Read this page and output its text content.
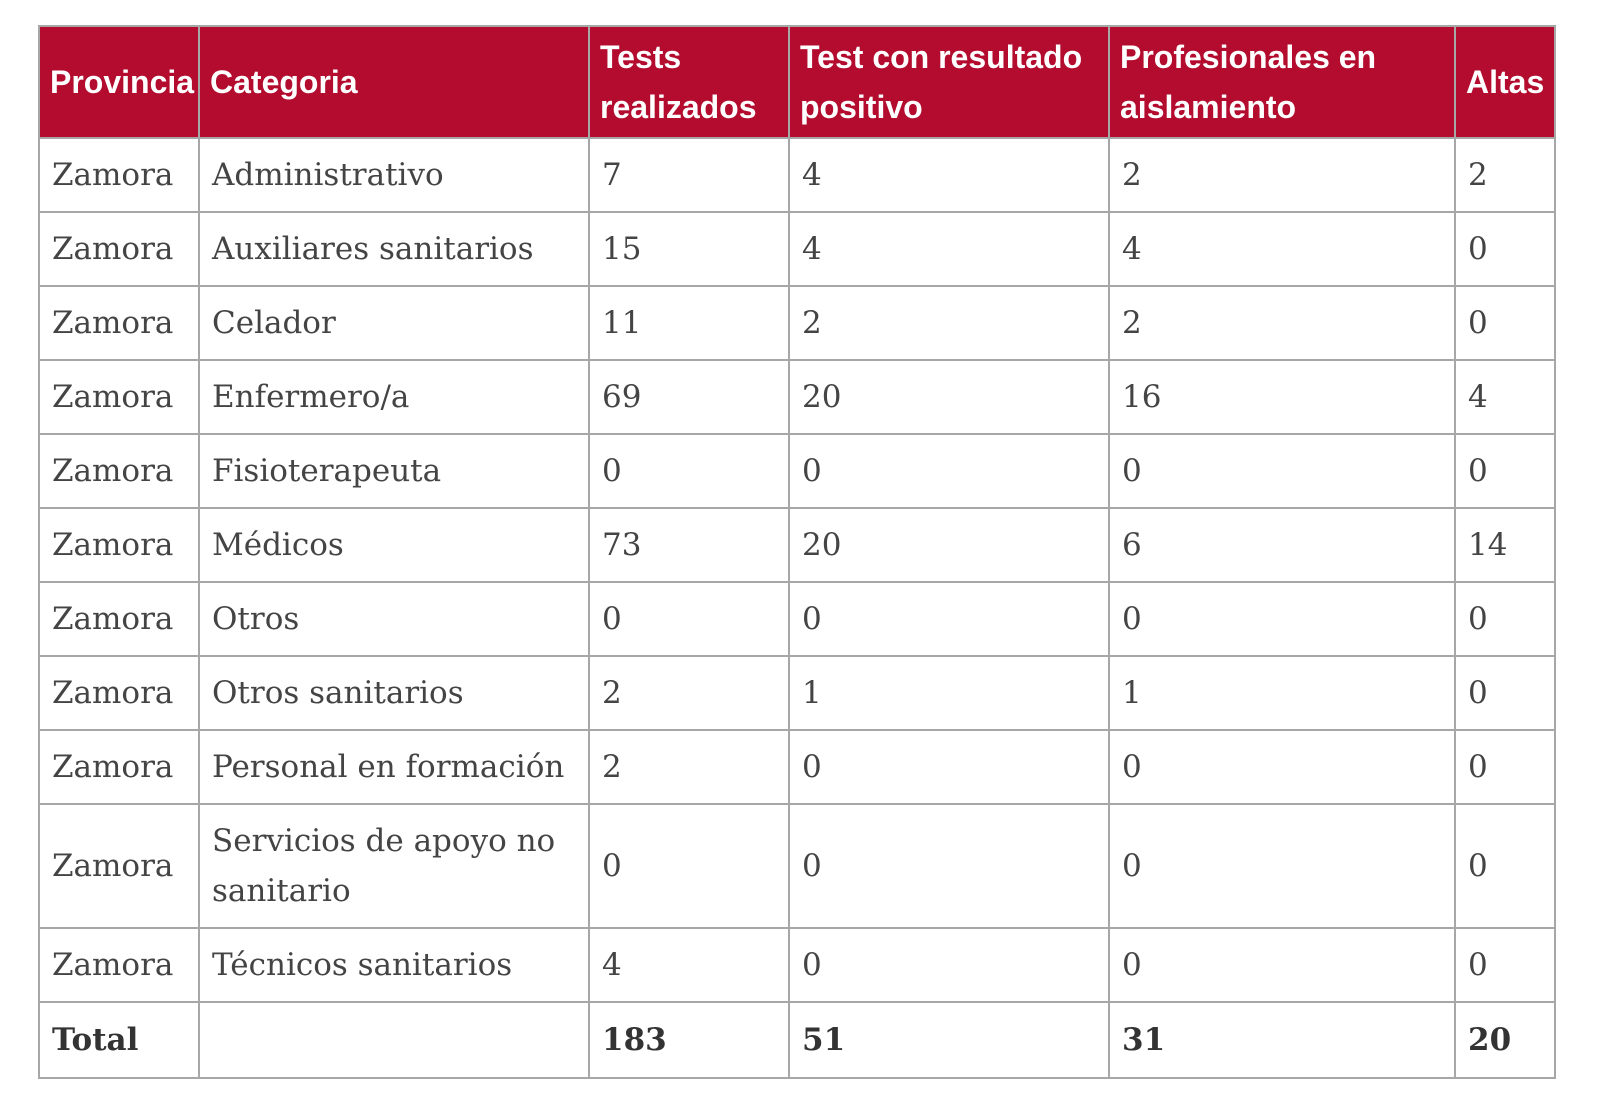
Provincia	Categoria	Tests realizados	Test con resultado positivo	Profesionales en aislamiento	Altas
Zamora	Administrativo	7	4	2	2
Zamora	Auxiliares sanitarios	15	4	4	0
Zamora	Celador	11	2	2	0
Zamora	Enfermero/a	69	20	16	4
Zamora	Fisioterapeuta	0	0	0	0
Zamora	Médicos	73	20	6	14
Zamora	Otros	0	0	0	0
Zamora	Otros sanitarios	2	1	1	0
Zamora	Personal en formación	2	0	0	0
Zamora	Servicios de apoyo no sanitario	0	0	0	0
Zamora	Técnicos sanitarios	4	0	0	0
Total		183	51	31	20
